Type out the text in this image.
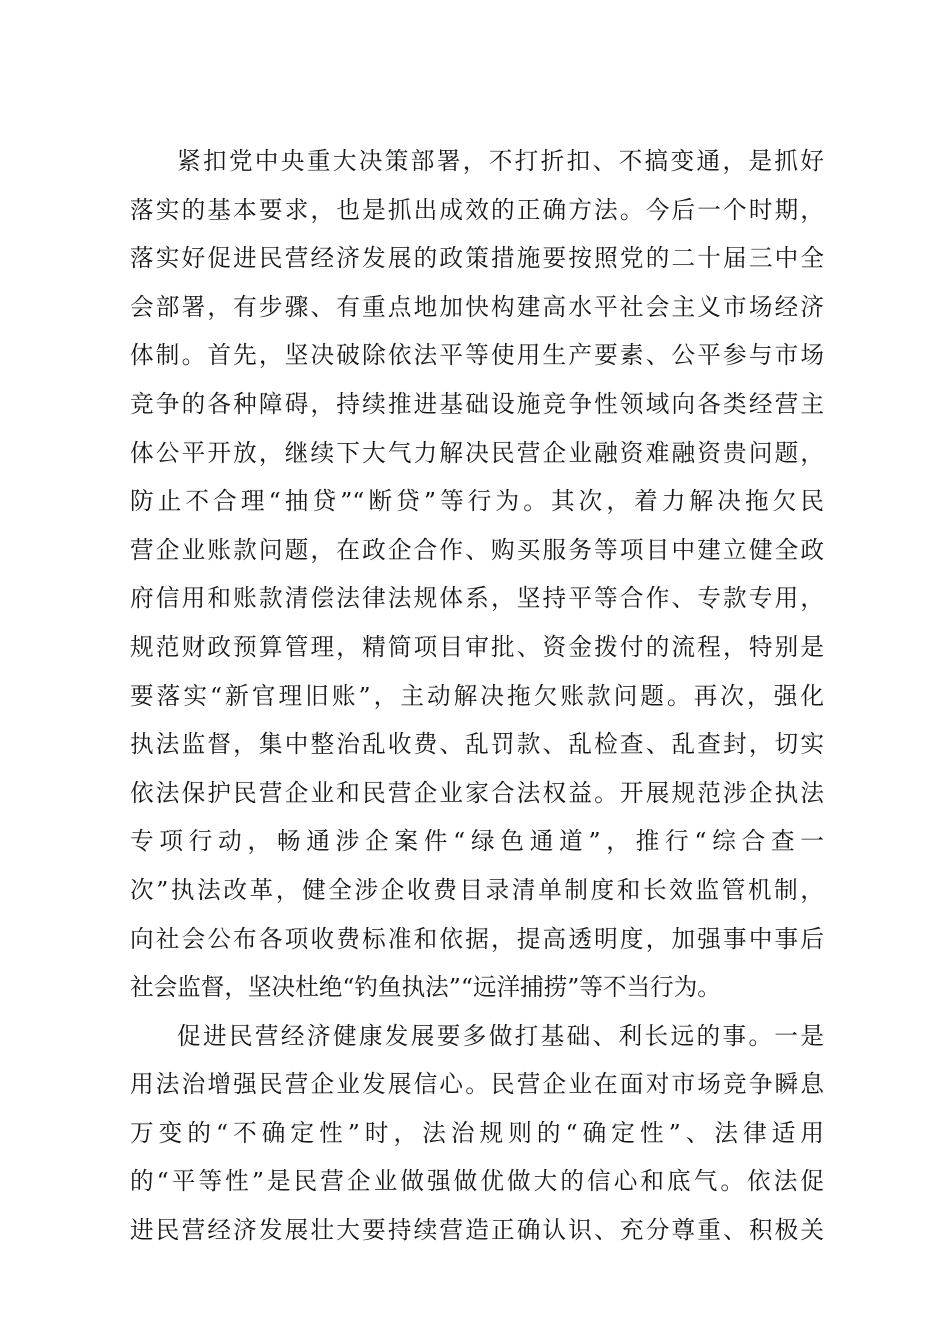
紧扣党中央重大决策部署，不打折扣、不搞变通，是抓好
落实的基本要求，也是抓出成效的正确方法。今后一个时期，
落实好促进民营经济发展的政策措施要按照党的二十届三中全
会部署，有步骤、有重点地加快构建高水平社会主义市场经济
体制。首先，坚决破除依法平等使用生产要素、公平参与市场
竞争的各种障碍，持续推进基础设施竞争性领域向各类经营主
体公平开放，继续下大气力解决民营企业融资难融资贵问题，
防止不合理“抽贷”“断贷”等行为。其次，着力解决拖欠民
营企业账款问题，在政企合作、购买服务等项目中建立健全政
府信用和账款清偿法律法规体系，坚持平等合作、专款专用，
规范财政预算管理，精简项目审批、资金拨付的流程，特别是
要落实“新官理旧账”，主动解决拖欠账款问题。再次，强化
执法监督，集中整治乱收费、乱罚款、乱检查、乱查封，切实
依法保护民营企业和民营企业家合法权益。开展规范涉企执法
专项行动，畅通涉企案件“绿色通道”，推行“综合查一
次”执法改革，健全涉企收费目录清单制度和长效监管机制，
向社会公布各项收费标准和依据，提高透明度，加强事中事后
社会监督，坚决杜绝“钓鱼执法”“远洋捕捞”等不当行为。
促进民营经济健康发展要多做打基础、利长远的事。一是
用法治增强民营企业发展信心。民营企业在面对市场竞争瞬息
万变的“不确定性”时，法治规则的“确定性”、法律适用
的“平等性”是民营企业做强做优做大的信心和底气。依法促
进民营经济发展壮大要持续营造正确认识、充分尊重、积极关
